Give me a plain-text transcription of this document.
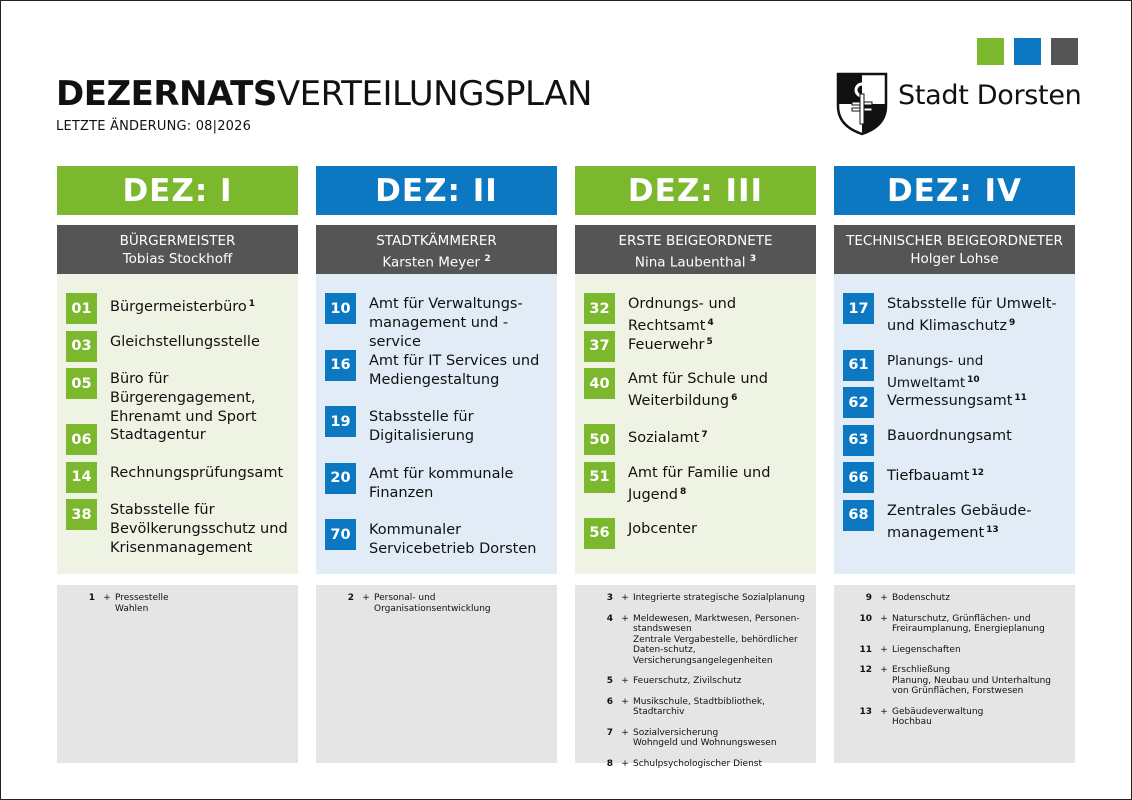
DEZERNATSVERTEILUNGSPLAN
LETZTE ÄNDERUNG: 08|2026
Stadt Dorsten
DEZ: I
BÜRGERMEISTER
Tobias Stockhoff
01	Bürgermeisterbüro $^1$
03	Gleichstellungsstelle
05	Büro für Bürgerengagement, Ehrenamt und Sport
06	Stadtagentur
14	Rechnungsprüfungsamt
38	Stabsstelle für Bevölkerungsschutz und Krisenmanagement
1 + Pressestelle
Wahlen
DEZ: II
STADTKÄMMERER
Karsten Meyer $^2$
10	Amt für Verwaltungs-management und -service
16	Amt für IT Services und Mediengestaltung
19	Stabsstelle für Digitalisierung
20	Amt für kommunale Finanzen
70	Kommunaler Servicebetrieb Dorsten
2 + Personal- und Organisationsentwicklung
DEZ: III
ERSTE BEIGEORDNETE
Nina Laubenthal $^3$
32	Ordnungs- und Rechtsamt $^4$
37	Feuerwehr $^5$
40	Amt für Schule und Weiterbildung $^6$
50	Sozialamt $^7$
51	Amt für Familie und Jugend $^8$
56	Jobcenter
3 + Integrierte strategische Sozialplanung
4 + Meldewesen, Marktwesen, Personen-standswesen
Zentrale Vergabestelle, behördlicher Daten-schutz, Versicherungsangelegenheiten
5 + Feuerschutz, Zivilschutz
6 + Musikschule, Stadtbibliothek, Stadtarchiv
7 + Sozialversicherung
Wohngeld und Wohnungswesen
8 + Schulpsychologischer Dienst
DEZ: IV
TECHNISCHER BEIGEORDNETER
Holger Lohse
17	Stabsstelle für Umwelt- und Klimaschutz $^9$
61	Planungs- und Umweltamt $^{10}$
62	Vermessungsamt $^{11}$
63	Bauordnungsamt
66	Tiefbauamt $^{12}$
68	Zentrales Gebäude-management $^{13}$
9 + Bodenschutz
10 + Naturschutz, Grünflächen- und Freiraumplanung, Energieplanung
11 + Liegenschaften
12 + Erschließung
Planung, Neubau und Unterhaltung von Grünflächen, Forstwesen
13 + Gebäudeverwaltung
Hochbau
